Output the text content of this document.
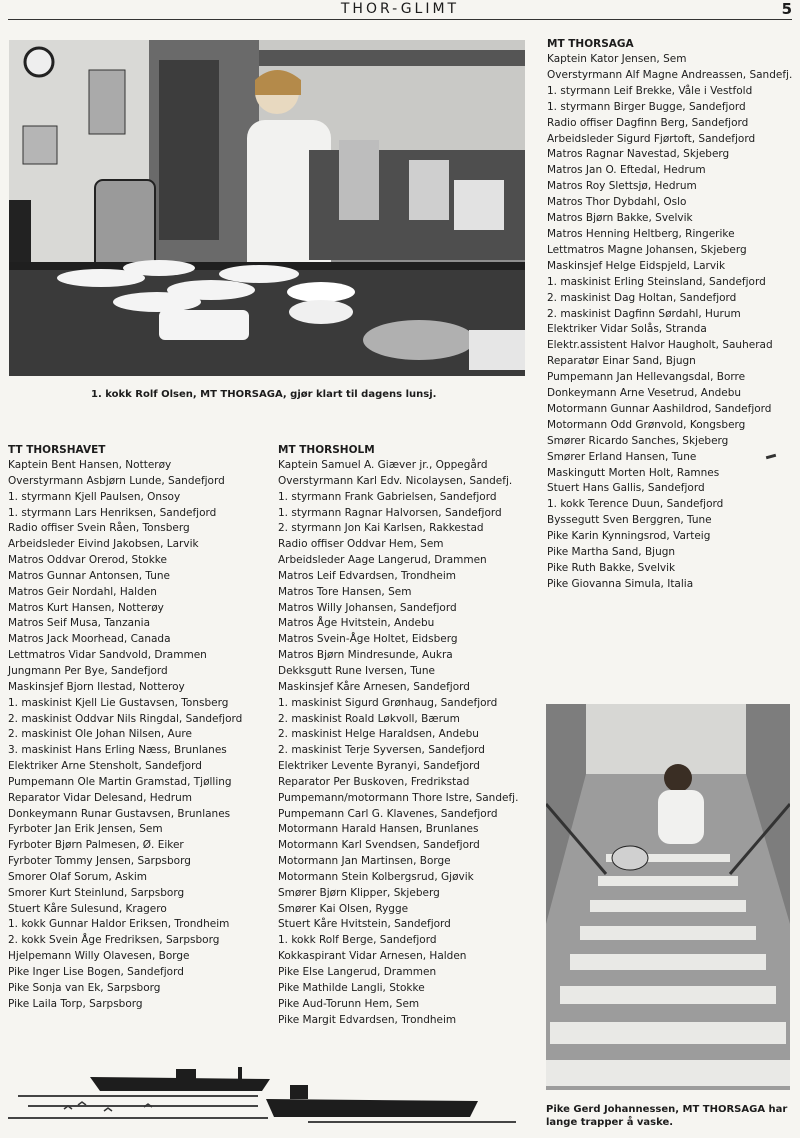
THOR-GLIMT	5
1. kokk Rolf Olsen, MT THORSAGA, gjør klart til dagens lunsj.
Pike Gerd Johannessen, MT THORSAGA har lange trapper å vaske.
TT THORSHAVET
Kaptein Bent Hansen, Notterøy
Overstyrmann Asbjørn Lunde, Sandefjord
1. styrmann Kjell Paulsen, Onsoy
1. styrmann Lars Henriksen, Sandefjord
Radio offiser Svein Råen, Tonsberg
Arbeidsleder Eivind Jakobsen, Larvik
Matros Oddvar Orerod, Stokke
Matros Gunnar Antonsen, Tune
Matros Geir Nordahl, Halden
Matros Kurt Hansen, Notterøy
Matros Seif Musa, Tanzania
Matros Jack Moorhead, Canada
Lettmatros Vidar Sandvold, Drammen
Jungmann Per Bye, Sandefjord
Maskinsjef Bjorn Ilestad, Notteroy
1. maskinist Kjell Lie Gustavsen, Tonsberg
2. maskinist Oddvar Nils Ringdal, Sandefjord
2. maskinist Ole Johan Nilsen, Aure
3. maskinist Hans Erling Næss, Brunlanes
Elektriker Arne Stensholt, Sandefjord
Pumpemann Ole Martin Gramstad, Tjølling
Reparator Vidar Delesand, Hedrum
Donkeymann Runar Gustavsen, Brunlanes
Fyrboter Jan Erik Jensen, Sem
Fyrboter Bjørn Palmesen, Ø. Eiker
Fyrboter Tommy Jensen, Sarpsborg
Smorer Olaf Sorum, Askim
Smorer Kurt Steinlund, Sarpsborg
Stuert Kåre Sulesund, Kragero
1. kokk Gunnar Haldor Eriksen, Trondheim
2. kokk Svein Åge Fredriksen, Sarpsborg
Hjelpemann Willy Olavesen, Borge
Pike Inger Lise Bogen, Sandefjord
Pike Sonja van Ek, Sarpsborg
Pike Laila Torp, Sarpsborg
MT THORSHOLM
Kaptein Samuel A. Giæver jr., Oppegård
Overstyrmann Karl Edv. Nicolaysen, Sandefj.
1. styrmann Frank Gabrielsen, Sandefjord
1. styrmann Ragnar Halvorsen, Sandefjord
2. styrmann Jon Kai Karlsen, Rakkestad
Radio offiser Oddvar Hem, Sem
Arbeidsleder Aage Langerud, Drammen
Matros Leif Edvardsen, Trondheim
Matros Tore Hansen, Sem
Matros Willy Johansen, Sandefjord
Matros Åge Hvitstein, Andebu
Matros Svein-Åge Holtet, Eidsberg
Matros Bjørn Mindresunde, Aukra
Dekksgutt Rune Iversen, Tune
Maskinsjef Kåre Arnesen, Sandefjord
1. maskinist Sigurd Grønhaug, Sandefjord
2. maskinist Roald Løkvoll, Bærum
2. maskinist Helge Haraldsen, Andebu
2. maskinist Terje Syversen, Sandefjord
Elektriker Levente Byranyi, Sandefjord
Reparator Per Buskoven, Fredrikstad
Pumpemann/motormann Thore Istre, Sandefj.
Pumpemann Carl G. Klavenes, Sandefjord
Motormann Harald Hansen, Brunlanes
Motormann Karl Svendsen, Sandefjord
Motormann Jan Martinsen, Borge
Motormann Stein Kolbergsrud, Gjøvik
Smører Bjørn Klipper, Skjeberg
Smører Kai Olsen, Rygge
Stuert Kåre Hvitstein, Sandefjord
1. kokk Rolf Berge, Sandefjord
Kokkaspirant Vidar Arnesen, Halden
Pike Else Langerud, Drammen
Pike Mathilde Langli, Stokke
Pike Aud-Torunn Hem, Sem
Pike Margit Edvardsen, Trondheim
MT THORSAGA
Kaptein Kator Jensen, Sem
Overstyrmann Alf Magne Andreassen, Sandefj.
1. styrmann Leif Brekke, Våle i Vestfold
1. styrmann Birger Bugge, Sandefjord
Radio offiser Dagfinn Berg, Sandefjord
Arbeidsleder Sigurd Fjørtoft, Sandefjord
Matros Ragnar Navestad, Skjeberg
Matros Jan O. Eftedal, Hedrum
Matros Roy Slettsjø, Hedrum
Matros Thor Dybdahl, Oslo
Matros Bjørn Bakke, Svelvik
Matros Henning Heltberg, Ringerike
Lettmatros Magne Johansen, Skjeberg
Maskinsjef Helge Eidspjeld, Larvik
1. maskinist Erling Steinsland, Sandefjord
2. maskinist Dag Holtan, Sandefjord
2. maskinist Dagfinn Sørdahl, Hurum
Elektriker Vidar Solås, Stranda
Elektr.assistent Halvor Haugholt, Sauherad
Reparatør Einar Sand, Bjugn
Pumpemann Jan Hellevangsdal, Borre
Donkeymann Arne Vesetrud, Andebu
Motormann Gunnar Aashildrod, Sandefjord
Motormann Odd Grønvold, Kongsberg
Smører Ricardo Sanches, Skjeberg
Smører Erland Hansen, Tune
Maskingutt Morten Holt, Ramnes
Stuert Hans Gallis, Sandefjord
1. kokk Terence Duun, Sandefjord
Byssegutt Sven Berggren, Tune
Pike Karin Kynningsrod, Varteig
Pike Martha Sand, Bjugn
Pike Ruth Bakke, Svelvik
Pike Giovanna Simula, Italia
